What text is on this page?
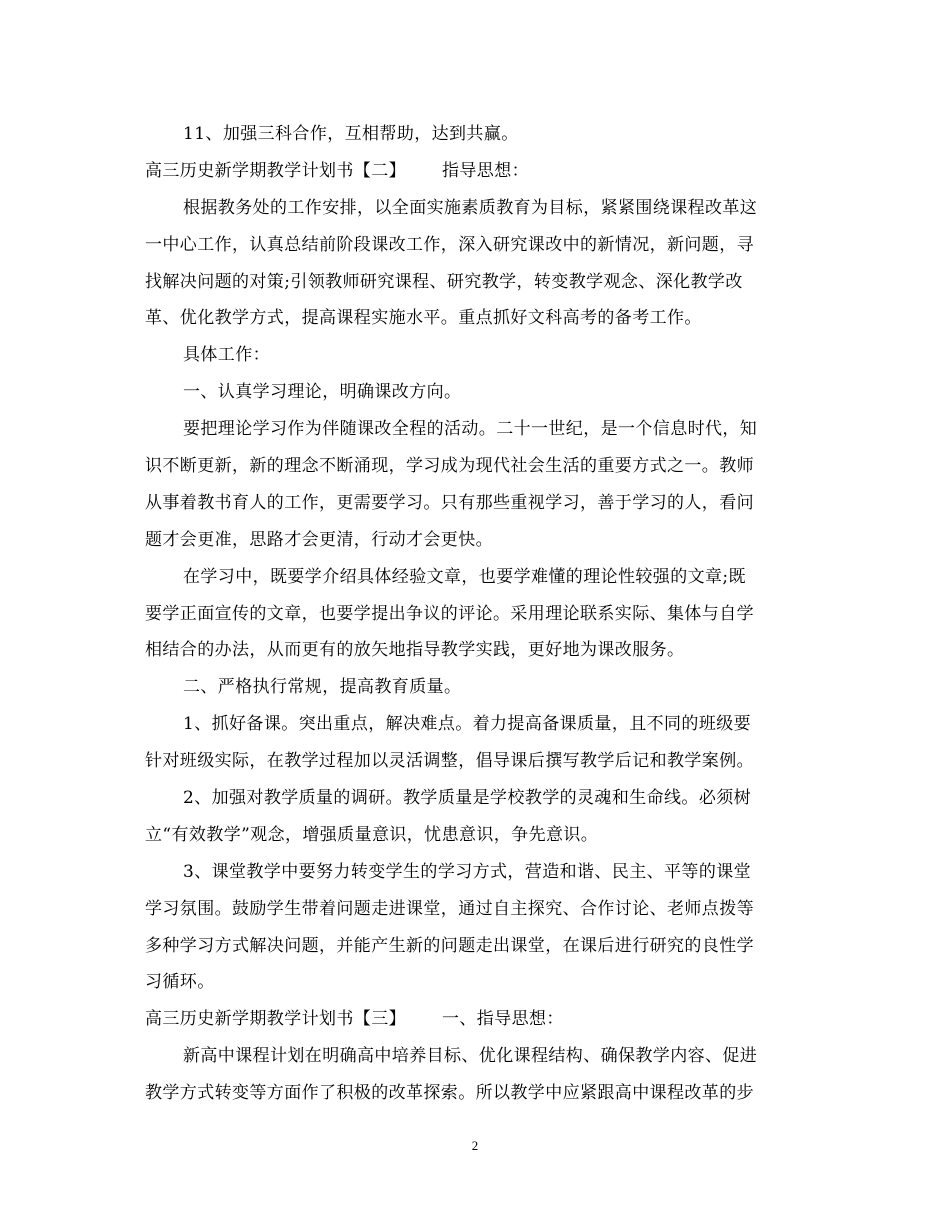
11、加强三科合作，互相帮助，达到共赢。
高三历史新学期教学计划书【二】 指导思想：
根据教务处的工作安排，以全面实施素质教育为目标，紧紧围绕课程改革这
一中心工作，认真总结前阶段课改工作，深入研究课改中的新情况，新问题，寻
找解决问题的对策;引领教师研究课程、研究教学，转变教学观念、深化教学改
革、优化教学方式，提高课程实施水平。重点抓好文科高考的备考工作。
具体工作：
一、认真学习理论，明确课改方向。
要把理论学习作为伴随课改全程的活动。二十一世纪，是一个信息时代，知
识不断更新，新的理念不断涌现，学习成为现代社会生活的重要方式之一。教师
从事着教书育人的工作，更需要学习。只有那些重视学习，善于学习的人，看问
题才会更准，思路才会更清，行动才会更快。
在学习中，既要学介绍具体经验文章，也要学难懂的理论性较强的文章;既
要学正面宣传的文章，也要学提出争议的评论。采用理论联系实际、集体与自学
相结合的办法，从而更有的放矢地指导教学实践，更好地为课改服务。
二、严格执行常规，提高教育质量。
1、抓好备课。突出重点，解决难点。着力提高备课质量，且不同的班级要
针对班级实际，在教学过程加以灵活调整，倡导课后撰写教学后记和教学案例。
2、加强对教学质量的调研。教学质量是学校教学的灵魂和生命线。必须树
立“有效教学”观念，增强质量意识，忧患意识，争先意识。
3、课堂教学中要努力转变学生的学习方式，营造和谐、民主、平等的课堂
学习氛围。鼓励学生带着问题走进课堂，通过自主探究、合作讨论、老师点拨等
多种学习方式解决问题，并能产生新的问题走出课堂，在课后进行研究的良性学
习循环。
高三历史新学期教学计划书【三】 一、指导思想：
新高中课程计划在明确高中培养目标、优化课程结构、确保教学内容、促进
教学方式转变等方面作了积极的改革探索。所以教学中应紧跟高中课程改革的步
2
